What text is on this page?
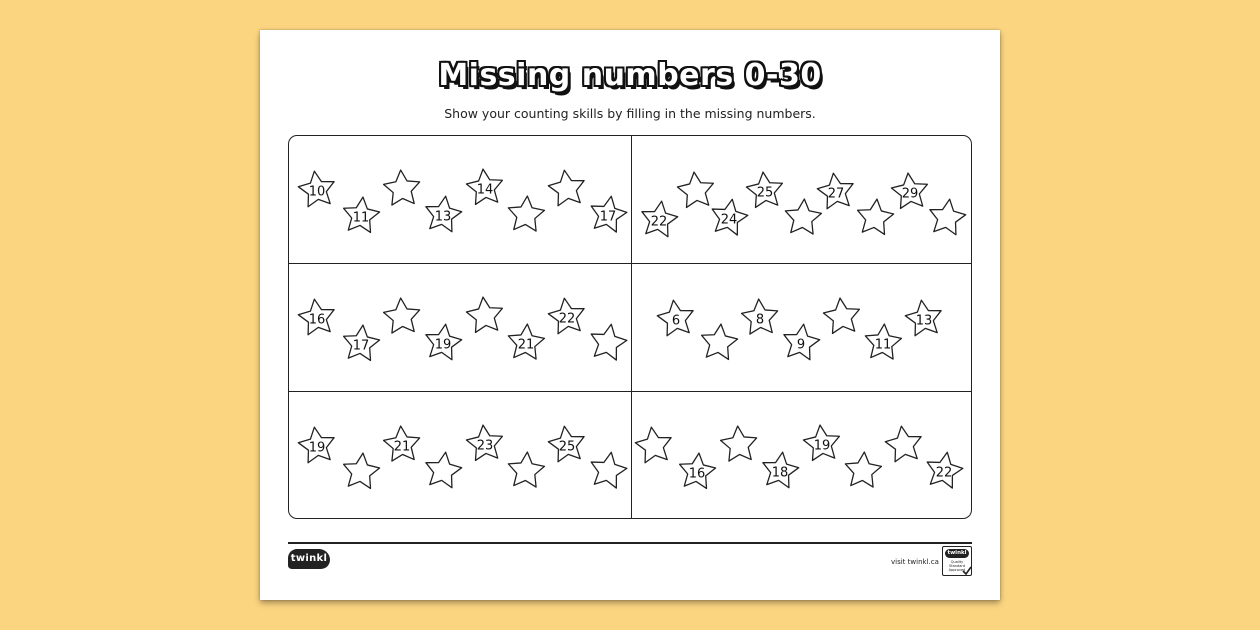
Missing numbers 0-30
Show your counting skills by filling in the missing numbers.
10
11	13
14
17	22	24
25	27	29
16
17	19	21
22	6	8
9	11
13
19	21	23	25
16	18
19
22
twinkl	visit twinkl.ca
twinkl
Quality Standard Approved
